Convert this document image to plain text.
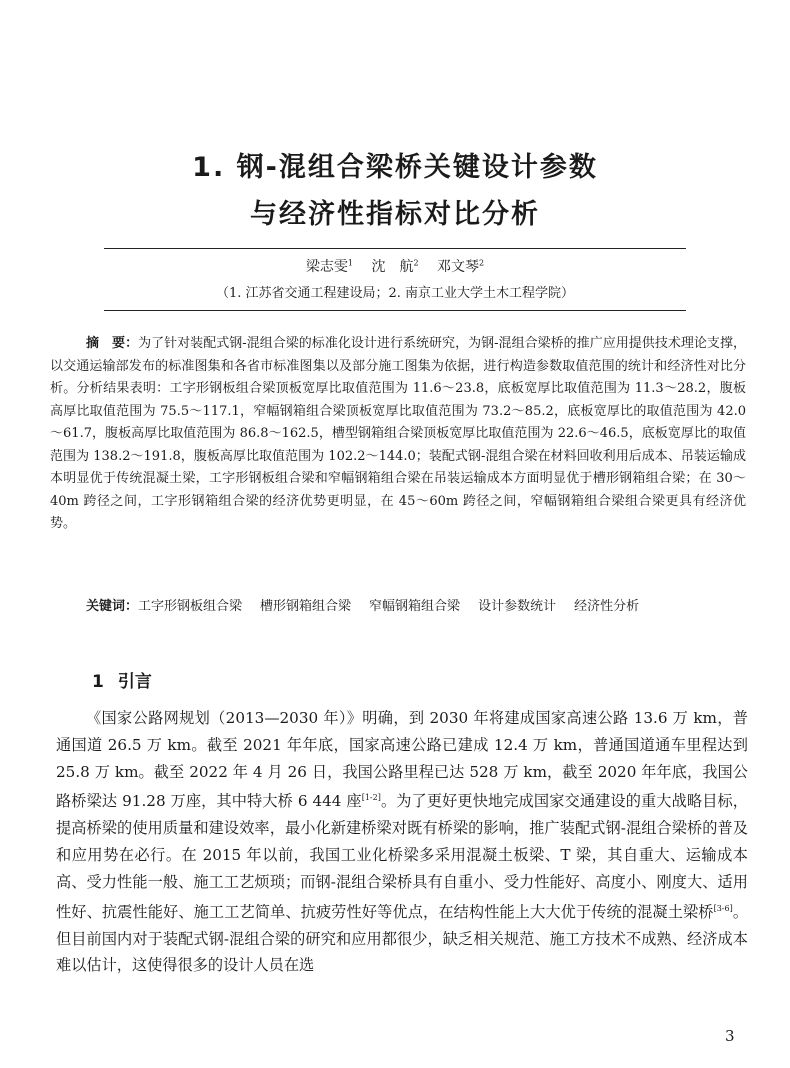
1. 钢-混组合梁桥关键设计参数
与经济性指标对比分析
梁志雯$^1$ 沈　航$^2$ 邓文琴$^2$
（1. 江苏省交通工程建设局；2. 南京工业大学土木工程学院）

摘　要：为了针对装配式钢-混组合梁的标准化设计进行系统研究，为钢-混组合梁桥的推广应用提供技术理论支撑，以交通运输部发布的标准图集和各省市标准图集以及部分施工图集为依据，进行构造参数取值范围的统计和经济性对比分析。分析结果表明：工字形钢板组合梁顶板宽厚比取值范围为 11.6～23.8，底板宽厚比取值范围为 11.3～28.2，腹板高厚比取值范围为 75.5～117.1，窄幅钢箱组合梁顶板宽厚比取值范围为 73.2～85.2，底板宽厚比的取值范围为 42.0～61.7，腹板高厚比取值范围为 86.8～162.5，槽型钢箱组合梁顶板宽厚比取值范围为 22.6～46.5，底板宽厚比的取值范围为 138.2～191.8，腹板高厚比取值范围为 102.2～144.0；装配式钢-混组合梁在材料回收利用后成本、吊装运输成本明显优于传统混凝土梁，工字形钢板组合梁和窄幅钢箱组合梁在吊装运输成本方面明显优于槽形钢箱组合梁；在 30～40m 跨径之间，工字形钢箱组合梁的经济优势更明显，在 45～60m 跨径之间，窄幅钢箱组合梁组合梁更具有经济优势。

关键词：工字形钢板组合梁 槽形钢箱组合梁 窄幅钢箱组合梁 设计参数统计 经济性分析

1 引言

《国家公路网规划（2013—2030 年）》明确，到 2030 年将建成国家高速公路 13.6 万 km，普通国道 26.5 万 km。截至 2021 年年底，国家高速公路已建成 12.4 万 km，普通国道通车里程达到 25.8 万 km。截至 2022 年 4 月 26 日，我国公路里程已达 528 万 km，截至 2020 年年底，我国公路桥梁达 91.28 万座，其中特大桥 6 444 座[1-2]。为了更好更快地完成国家交通建设的重大战略目标，提高桥梁的使用质量和建设效率，最小化新建桥梁对既有桥梁的影响，推广装配式钢-混组合梁桥的普及和应用势在必行。在 2015 年以前，我国工业化桥梁多采用混凝土板梁、T 梁，其自重大、运输成本高、受力性能一般、施工工艺烦琐；而钢-混组合梁桥具有自重小、受力性能好、高度小、刚度大、适用性好、抗震性能好、施工工艺简单、抗疲劳性好等优点，在结构性能上大大优于传统的混凝土梁桥[3-6]。但目前国内对于装配式钢-混组合梁的研究和应用都很少，缺乏相关规范、施工方技术不成熟、经济成本难以估计，这使得很多的设计人员在选

3
